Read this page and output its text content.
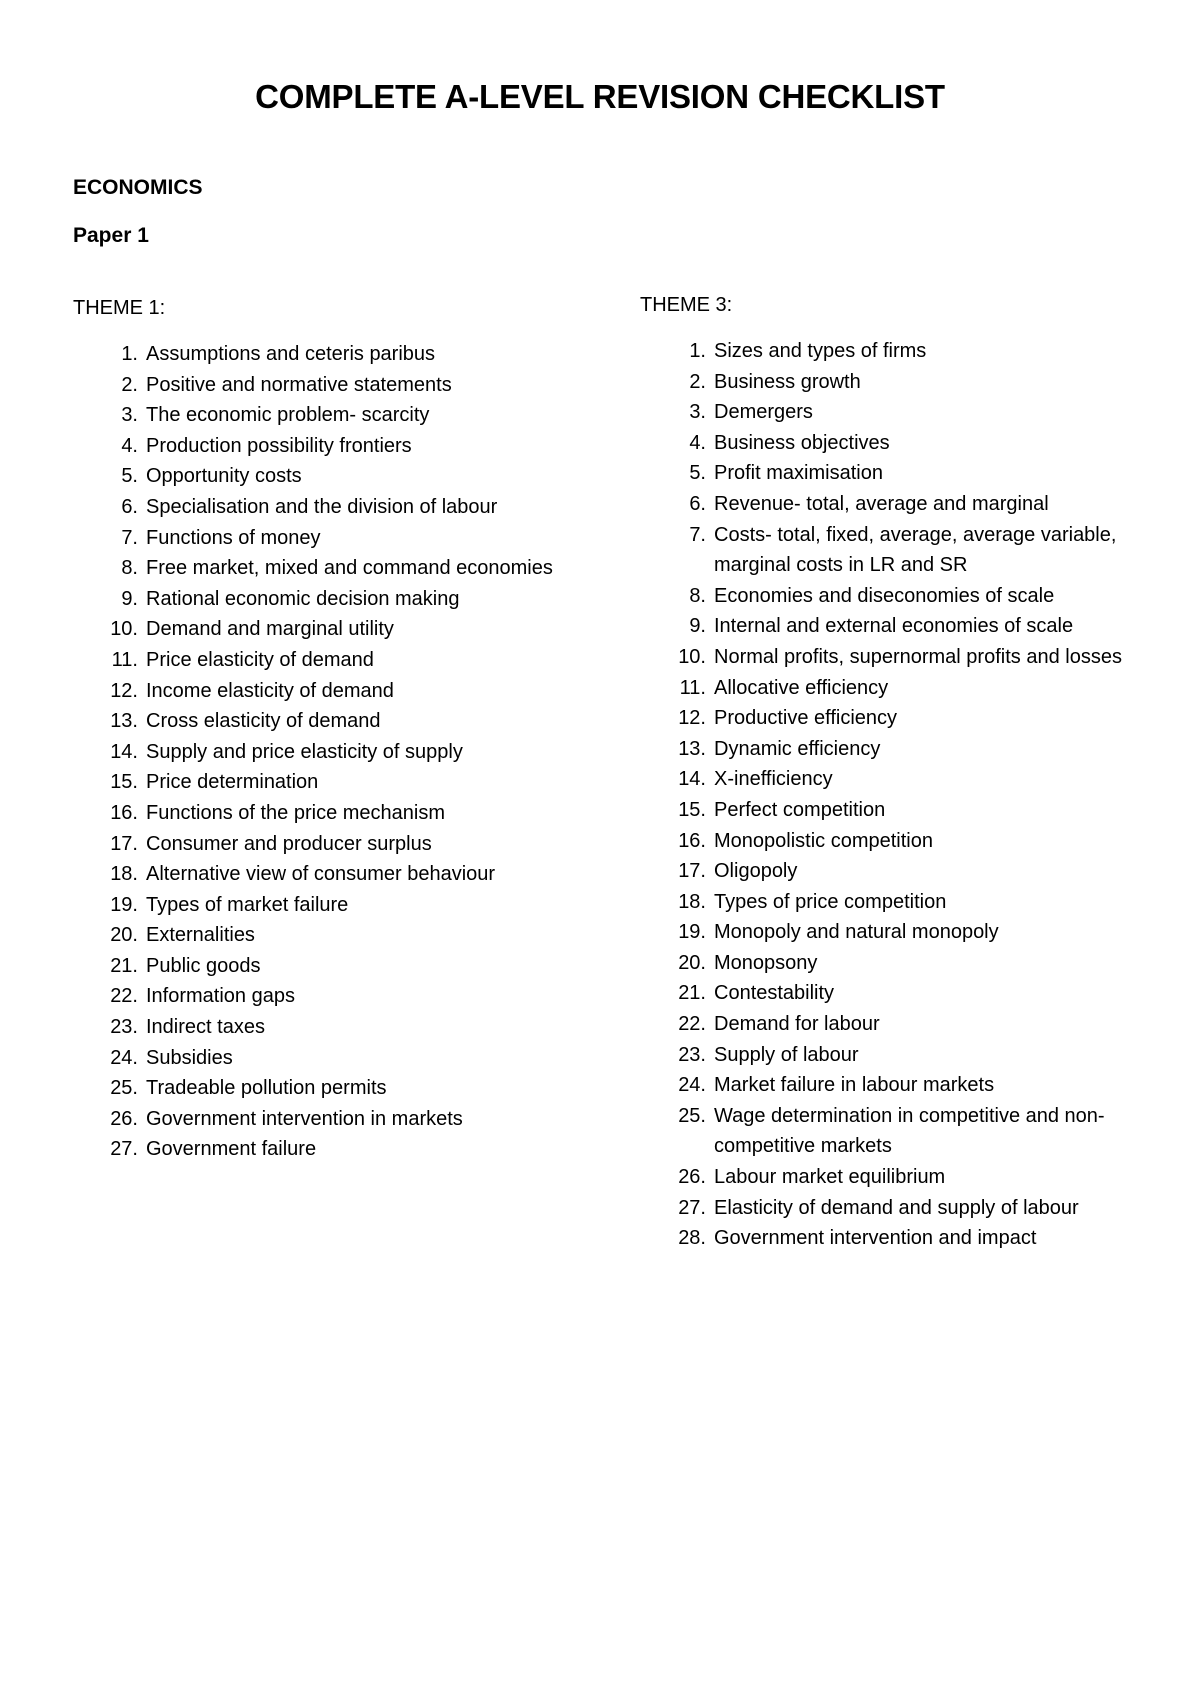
COMPLETE A-LEVEL REVISION CHECKLIST
ECONOMICS
Paper 1
THEME 1:
1. Assumptions and ceteris paribus
2. Positive and normative statements
3. The economic problem- scarcity
4. Production possibility frontiers
5. Opportunity costs
6. Specialisation and the division of labour
7. Functions of money
8. Free market, mixed and command economies
9. Rational economic decision making
10. Demand and marginal utility
11. Price elasticity of demand
12. Income elasticity of demand
13. Cross elasticity of demand
14. Supply and price elasticity of supply
15. Price determination
16. Functions of the price mechanism
17. Consumer and producer surplus
18. Alternative view of consumer behaviour
19. Types of market failure
20. Externalities
21. Public goods
22. Information gaps
23. Indirect taxes
24. Subsidies
25. Tradeable pollution permits
26. Government intervention in markets
27. Government failure
THEME 3:
1. Sizes and types of firms
2. Business growth
3. Demergers
4. Business objectives
5. Profit maximisation
6. Revenue- total, average and marginal
7. Costs- total, fixed, average, average variable, marginal costs in LR and SR
8. Economies and diseconomies of scale
9. Internal and external economies of scale
10. Normal profits, supernormal profits and losses
11. Allocative efficiency
12. Productive efficiency
13. Dynamic efficiency
14. X-inefficiency
15. Perfect competition
16. Monopolistic competition
17. Oligopoly
18. Types of price competition
19. Monopoly and natural monopoly
20. Monopsony
21. Contestability
22. Demand for labour
23. Supply of labour
24. Market failure in labour markets
25. Wage determination in competitive and non-competitive markets
26. Labour market equilibrium
27. Elasticity of demand and supply of labour
28. Government intervention and impact
